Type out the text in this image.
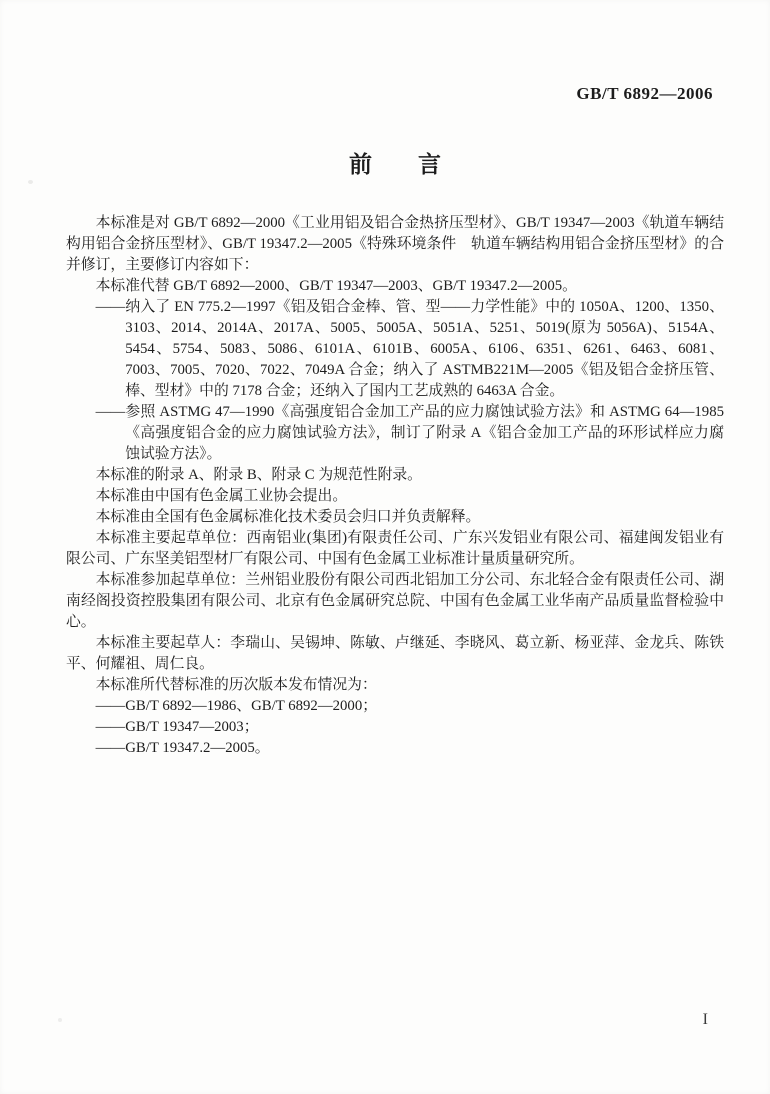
GB/T 6892—2006
前　　言

本标准是对 GB/T 6892—2000《工业用铝及铝合金热挤压型材》、GB/T 19347—2003《轨道车辆结构用铝合金挤压型材》、GB/T 19347.2—2005《特殊环境条件　轨道车辆结构用铝合金挤压型材》的合并修订，主要修订内容如下：

本标准代替 GB/T 6892—2000、GB/T 19347—2003、GB/T 19347.2—2005。

——纳入了 EN 775.2—1997《铝及铝合金棒、管、型——力学性能》中的 1050A、1200、1350、3103、2014、2014A、2017A、5005、5005A、5051A、5251、5019(原为 5056A)、5154A、5454、5754、5083、5086、6101A、6101B、6005A、6106、6351、6261、6463、6081、7003、7005、7020、7022、7049A 合金；纳入了 ASTMB221M—2005《铝及铝合金挤压管、棒、型材》中的 7178 合金；还纳入了国内工艺成熟的 6463A 合金。

——参照 ASTMG 47—1990《高强度铝合金加工产品的应力腐蚀试验方法》和 ASTMG 64—1985《高强度铝合金的应力腐蚀试验方法》，制订了附录 A《铝合金加工产品的环形试样应力腐蚀试验方法》。

本标准的附录 A、附录 B、附录 C 为规范性附录。

本标准由中国有色金属工业协会提出。

本标准由全国有色金属标准化技术委员会归口并负责解释。

本标准主要起草单位：西南铝业(集团)有限责任公司、广东兴发铝业有限公司、福建闽发铝业有限公司、广东坚美铝型材厂有限公司、中国有色金属工业标准计量质量研究所。

本标准参加起草单位：兰州铝业股份有限公司西北铝加工分公司、东北轻合金有限责任公司、湖南经阁投资控股集团有限公司、北京有色金属研究总院、中国有色金属工业华南产品质量监督检验中心。

本标准主要起草人：李瑞山、吴锡坤、陈敏、卢继延、李晓风、葛立新、杨亚萍、金龙兵、陈铁平、何耀祖、周仁良。

本标准所代替标准的历次版本发布情况为：

——GB/T 6892—1986、GB/T 6892—2000；

——GB/T 19347—2003；

——GB/T 19347.2—2005。

I
